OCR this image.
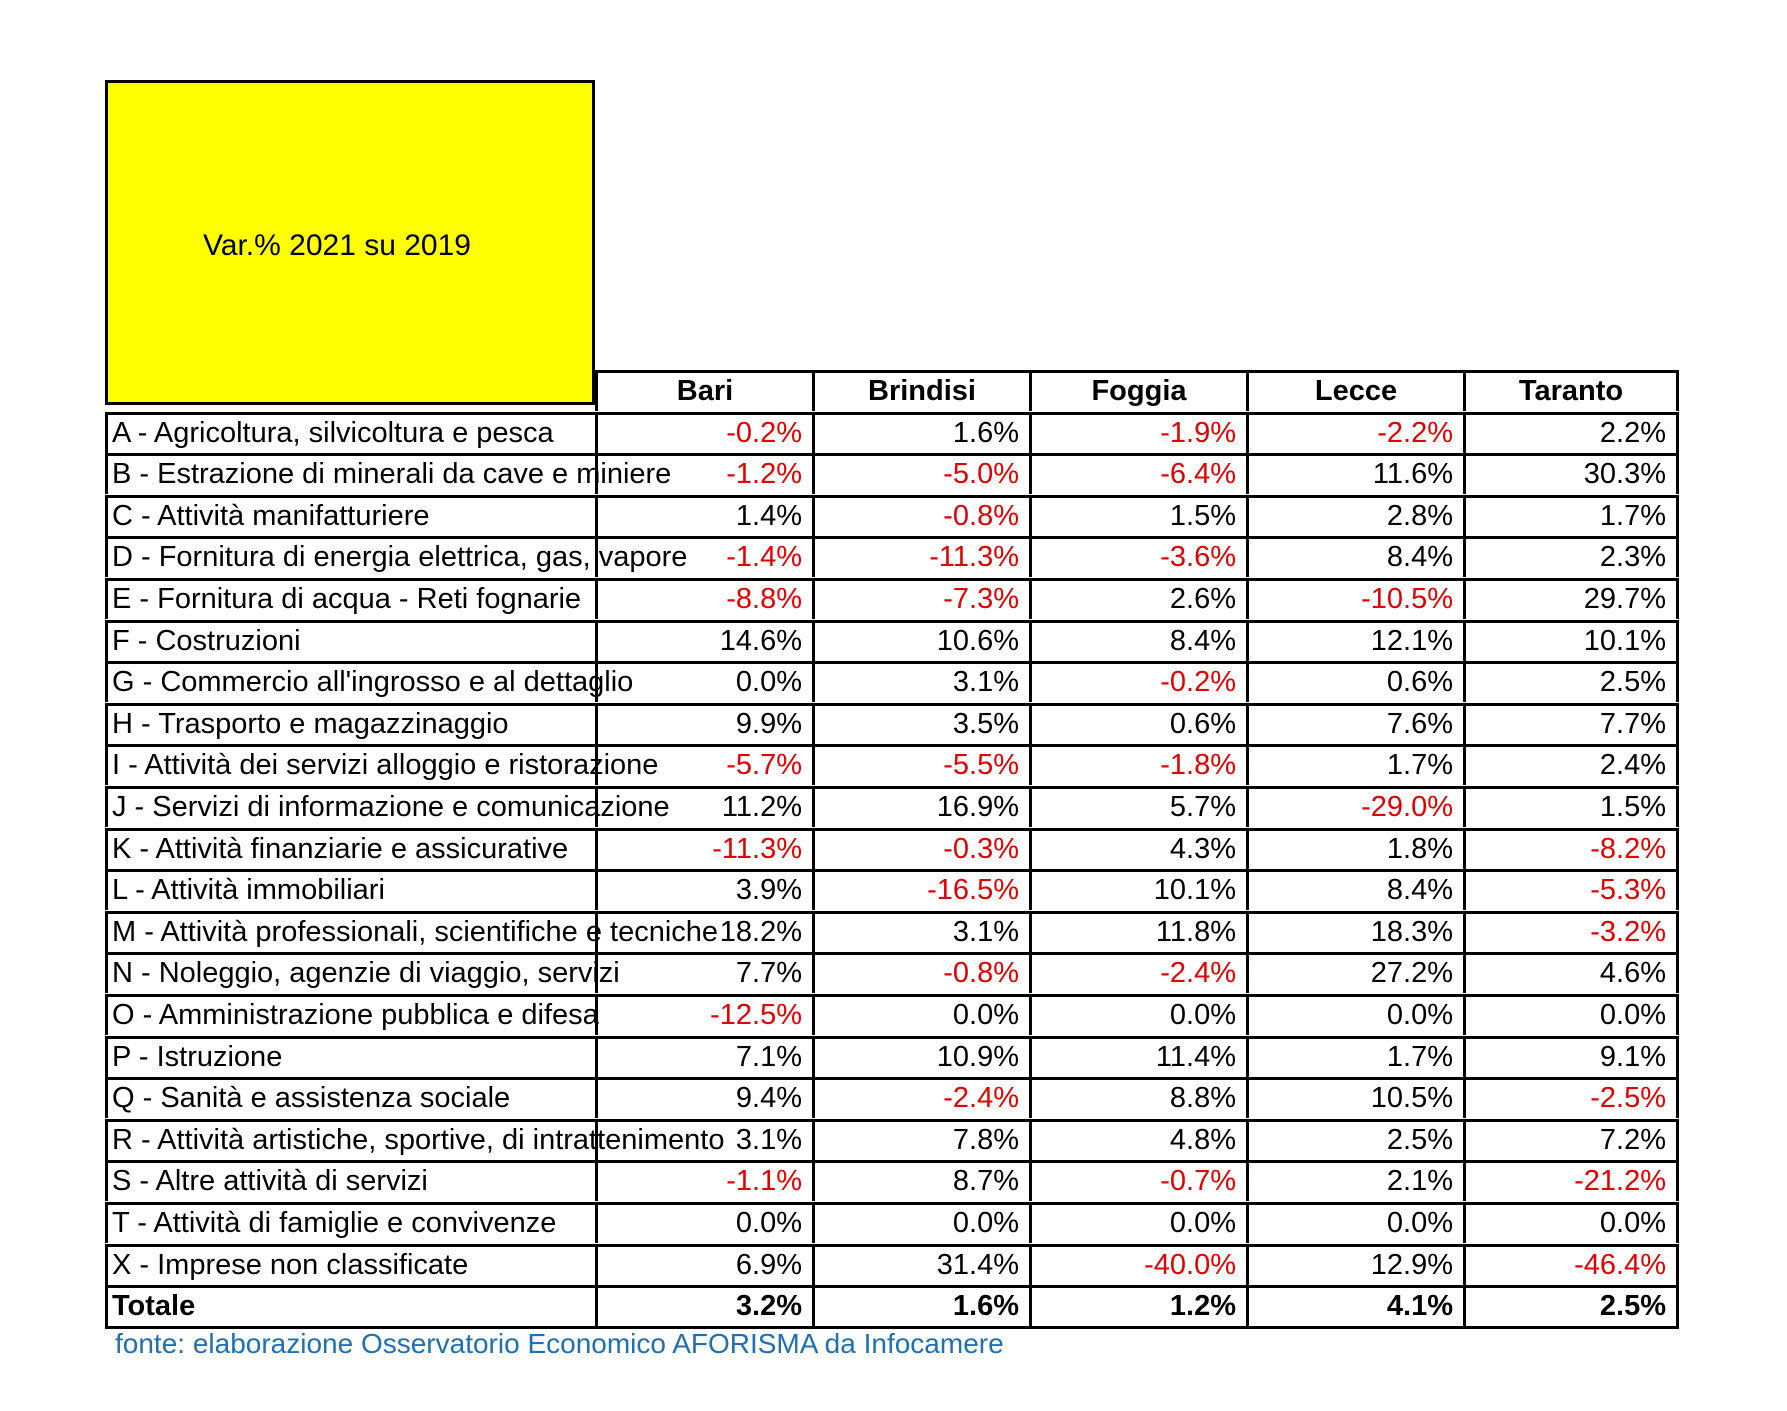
Var.% 2021 su 2019
Bari	Brindisi	Foggia	Lecce	Taranto
A - Agricoltura, silvicoltura e pesca	-0.2%	1.6%	-1.9%	-2.2%	2.2%
B - Estrazione di minerali da cave e miniere	-1.2%	-5.0%	-6.4%	11.6%	30.3%
C - Attività manifatturiere	1.4%	-0.8%	1.5%	2.8%	1.7%
D - Fornitura di energia elettrica, gas, vapore	-1.4%	-11.3%	-3.6%	8.4%	2.3%
E - Fornitura di acqua - Reti fognarie	-8.8%	-7.3%	2.6%	-10.5%	29.7%
F - Costruzioni	14.6%	10.6%	8.4%	12.1%	10.1%
G - Commercio all'ingrosso e al dettaglio	0.0%	3.1%	-0.2%	0.6%	2.5%
H - Trasporto e magazzinaggio	9.9%	3.5%	0.6%	7.6%	7.7%
I - Attività dei servizi alloggio e ristorazione	-5.7%	-5.5%	-1.8%	1.7%	2.4%
J - Servizi di informazione e comunicazione	11.2%	16.9%	5.7%	-29.0%	1.5%
K - Attività finanziarie e assicurative	-11.3%	-0.3%	4.3%	1.8%	-8.2%
L - Attività immobiliari	3.9%	-16.5%	10.1%	8.4%	-5.3%
M - Attività professionali, scientifiche e tecniche 18.2%	3.1%	11.8%	18.3%	-3.2%
N - Noleggio, agenzie di viaggio, servizi	7.7%	-0.8%	-2.4%	27.2%	4.6%
O - Amministrazione pubblica e difesa	-12.5%	0.0%	0.0%	0.0%	0.0%
P - Istruzione	7.1%	10.9%	11.4%	1.7%	9.1%
Q - Sanità e assistenza sociale	9.4%	-2.4%	8.8%	10.5%	-2.5%
R - Attività artistiche, sportive, di intrattenimento 3.1%	7.8%	4.8%	2.5%	7.2%
S - Altre attività di servizi	-1.1%	8.7%	-0.7%	2.1%	-21.2%
T - Attività di famiglie e convivenze	0.0%	0.0%	0.0%	0.0%	0.0%
X - Imprese non classificate	6.9%	31.4%	-40.0%	12.9%	-46.4%
Totale	3.2%	1.6%	1.2%	4.1%	2.5%
fonte: elaborazione Osservatorio Economico AFORISMA da Infocamere
